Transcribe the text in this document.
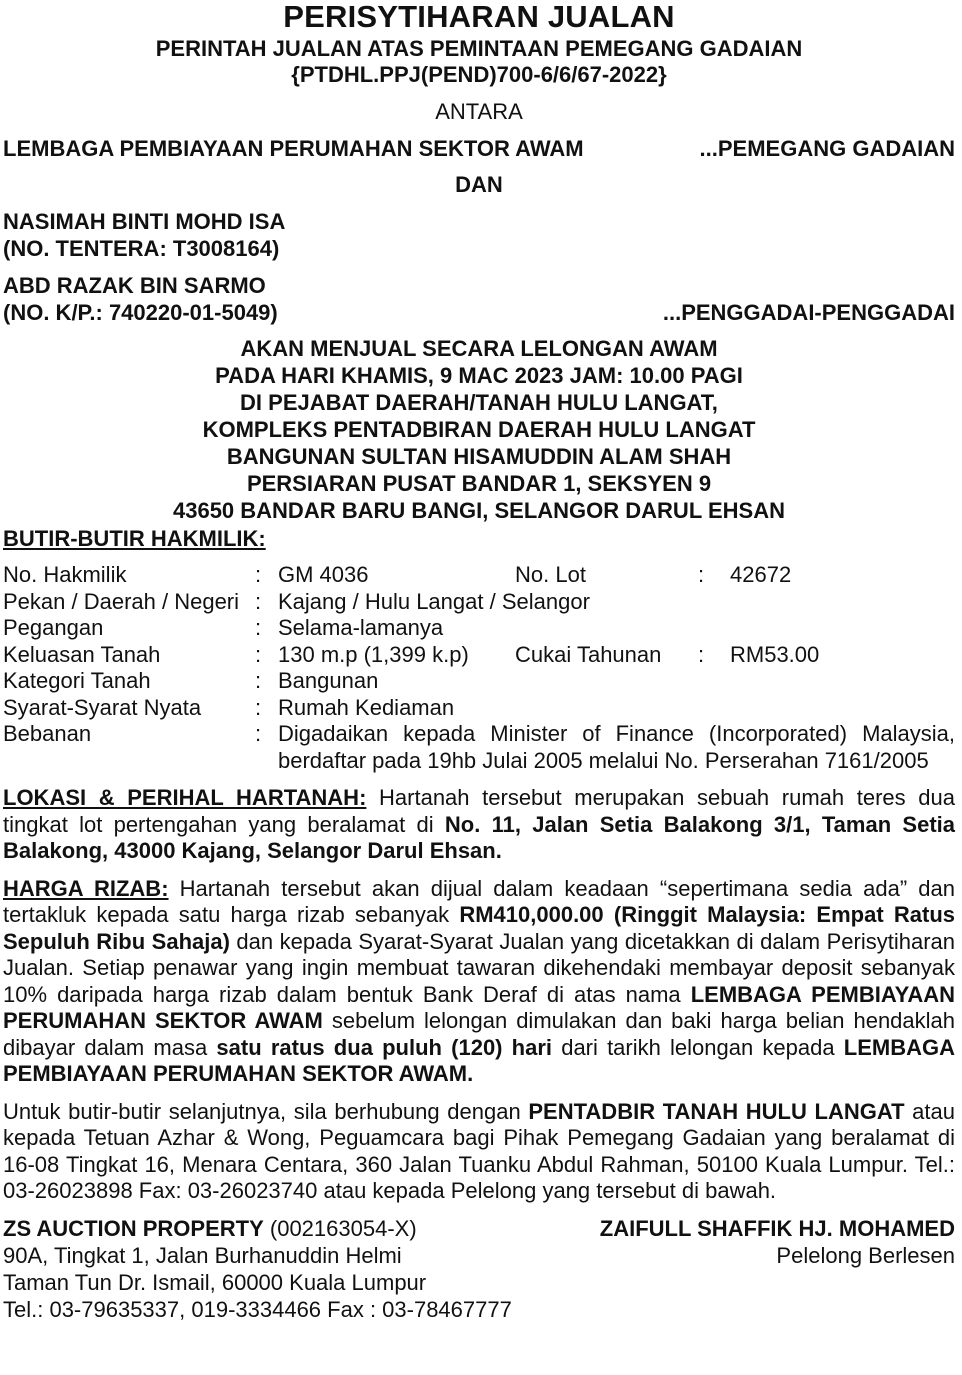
PERISYTIHARAN JUALAN
PERINTAH JUALAN ATAS PEMINTAAN PEMEGANG GADAIAN
{PTDHL.PPJ(PEND)700-6/6/67-2022}
ANTARA
LEMBAGA PEMBIAYAAN PERUMAHAN SEKTOR AWAM	...PEMEGANG GADAIAN
DAN
NASIMAH BINTI MOHD ISA
(NO. TENTERA: T3008164)
ABD RAZAK BIN SARMO
(NO. K/P.: 740220-01-5049)	...PENGGADAI-PENGGADAI
AKAN MENJUAL SECARA LELONGAN AWAM
PADA HARI KHAMIS, 9 MAC 2023 JAM: 10.00 PAGI
DI PEJABAT DAERAH/TANAH HULU LANGAT,
KOMPLEKS PENTADBIRAN DAERAH HULU LANGAT
BANGUNAN SULTAN HISAMUDDIN ALAM SHAH
PERSIARAN PUSAT BANDAR 1, SEKSYEN 9
43650 BANDAR BARU BANGI, SELANGOR DARUL EHSAN
BUTIR-BUTIR HAKMILIK:
No. Hakmilik	: GM 4036	No. Lot	:	42672
Pekan / Daerah / Negeri : Kajang / Hulu Langat / Selangor
Pegangan	: Selama-lamanya
Keluasan Tanah	: 130 m.p (1,399 k.p)	Cukai Tahunan	:	RM53.00
Kategori Tanah	: Bangunan
Syarat-Syarat Nyata	: Rumah Kediaman
Bebanan	: Digadaikan kepada Minister of Finance (Incorporated) Malaysia, berdaftar pada 19hb Julai 2005 melalui No. Perserahan 7161/2005
LOKASI & PERIHAL HARTANAH: Hartanah tersebut merupakan sebuah rumah teres dua tingkat lot pertengahan yang beralamat di No. 11, Jalan Setia Balakong 3/1, Taman Setia Balakong, 43000 Kajang, Selangor Darul Ehsan.
HARGA RIZAB: Hartanah tersebut akan dijual dalam keadaan “sepertimana sedia ada” dan tertakluk kepada satu harga rizab sebanyak RM410,000.00 (Ringgit Malaysia: Empat Ratus Sepuluh Ribu Sahaja) dan kepada Syarat-Syarat Jualan yang dicetakkan di dalam Perisytiharan Jualan. Setiap penawar yang ingin membuat tawaran dikehendaki membayar deposit sebanyak 10% daripada harga rizab dalam bentuk Bank Deraf di atas nama LEMBAGA PEMBIAYAAN PERUMAHAN SEKTOR AWAM sebelum lelongan dimulakan dan baki harga belian hendaklah dibayar dalam masa satu ratus dua puluh (120) hari dari tarikh lelongan kepada LEMBAGA PEMBIAYAAN PERUMAHAN SEKTOR AWAM.
Untuk butir-butir selanjutnya, sila berhubung dengan PENTADBIR TANAH HULU LANGAT atau kepada Tetuan Azhar & Wong, Peguamcara bagi Pihak Pemegang Gadaian yang beralamat di 16-08 Tingkat 16, Menara Centara, 360 Jalan Tuanku Abdul Rahman, 50100 Kuala Lumpur. Tel.: 03-26023898 Fax: 03-26023740 atau kepada Pelelong yang tersebut di bawah.
ZS AUCTION PROPERTY (002163054-X)
90A, Tingkat 1, Jalan Burhanuddin Helmi
Taman Tun Dr. Ismail, 60000 Kuala Lumpur
Tel.: 03-79635337, 019-3334466 Fax : 03-78467777
ZAIFULL SHAFFIK HJ. MOHAMED
Pelelong Berlesen
